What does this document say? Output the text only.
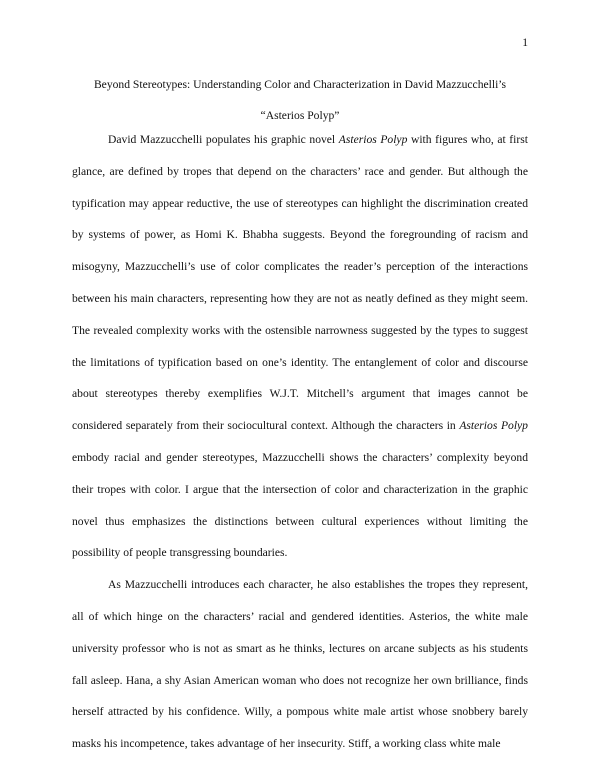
1
Beyond Stereotypes: Understanding Color and Characterization in David Mazzucchelli’s
“Asterios Polyp”

David Mazzucchelli populates his graphic novel Asterios Polyp with figures who, at first glance, are defined by tropes that depend on the characters’ race and gender. But although the typification may appear reductive, the use of stereotypes can highlight the discrimination created by systems of power, as Homi K. Bhabha suggests. Beyond the foregrounding of racism and misogyny, Mazzucchelli’s use of color complicates the reader’s perception of the interactions between his main characters, representing how they are not as neatly defined as they might seem. The revealed complexity works with the ostensible narrowness suggested by the types to suggest the limitations of typification based on one’s identity. The entanglement of color and discourse about stereotypes thereby exemplifies W.J.T. Mitchell’s argument that images cannot be considered separately from their sociocultural context. Although the characters in Asterios Polyp embody racial and gender stereotypes, Mazzucchelli shows the characters’ complexity beyond their tropes with color. I argue that the intersection of color and characterization in the graphic novel thus emphasizes the distinctions between cultural experiences without limiting the possibility of people transgressing boundaries.

As Mazzucchelli introduces each character, he also establishes the tropes they represent, all of which hinge on the characters’ racial and gendered identities. Asterios, the white male university professor who is not as smart as he thinks, lectures on arcane subjects as his students fall asleep. Hana, a shy Asian American woman who does not recognize her own brilliance, finds herself attracted by his confidence. Willy, a pompous white male artist whose snobbery barely masks his incompetence, takes advantage of her insecurity. Stiff, a working class white male
